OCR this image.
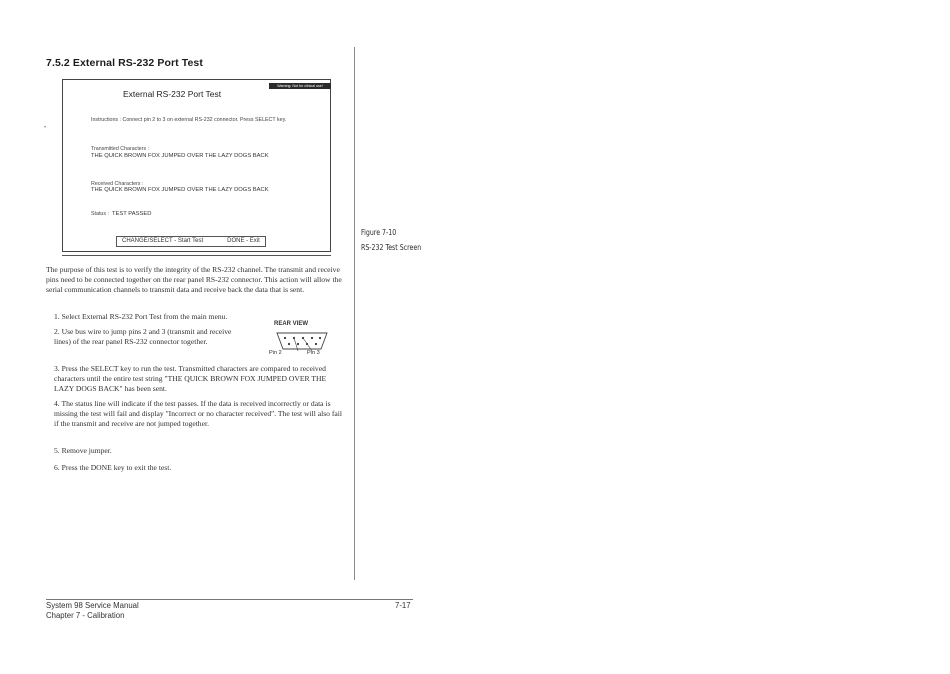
7.5.2 External RS-232 Port Test
External RS-232 Port Test
Warning: Not for clinical use!
Instructions : Connect pin 2 to 3 on external RS-232 connector. Press SELECT key.
Transmitted Characters :
THE QUICK BROWN FOX JUMPED OVER THE LAZY DOGS BACK
Received Characters :
THE QUICK BROWN FOX JUMPED OVER THE LAZY DOGS BACK
Status : TEST PASSED
CHANGE/SELECT - Start Test	DONE - Exit
•
The purpose of this test is to verify the integrity of the RS-232 channel. The transmit and receive pins need to be connected together on the rear panel RS-232 connector. This action will allow the serial communication channels to transmit data and receive back the data that is sent.
1. Select External RS-232 Port Test from the main menu.
2. Use bus wire to jump pins 2 and 3 (transmit and receive lines) of the rear panel RS-232 connector together.
3. Press the SELECT key to run the test. Transmitted characters are compared to received characters until the entire test string "THE QUICK BROWN FOX JUMPED OVER THE LAZY DOGS BACK" has been sent.
4. The status line will indicate if the test passes. If the data is received incorrectly or data is missing the test will fail and display "Incorrect or no character received". The test will also fail if the transmit and receive are not jumped together.
5. Remove jumper.
6. Press the DONE key to exit the test.
REAR VIEW
Pin 2	Pin 3
Figure 7-10
RS-232 Test Screen
System 98 Service Manual
Chapter 7 - Calibration
7-17
